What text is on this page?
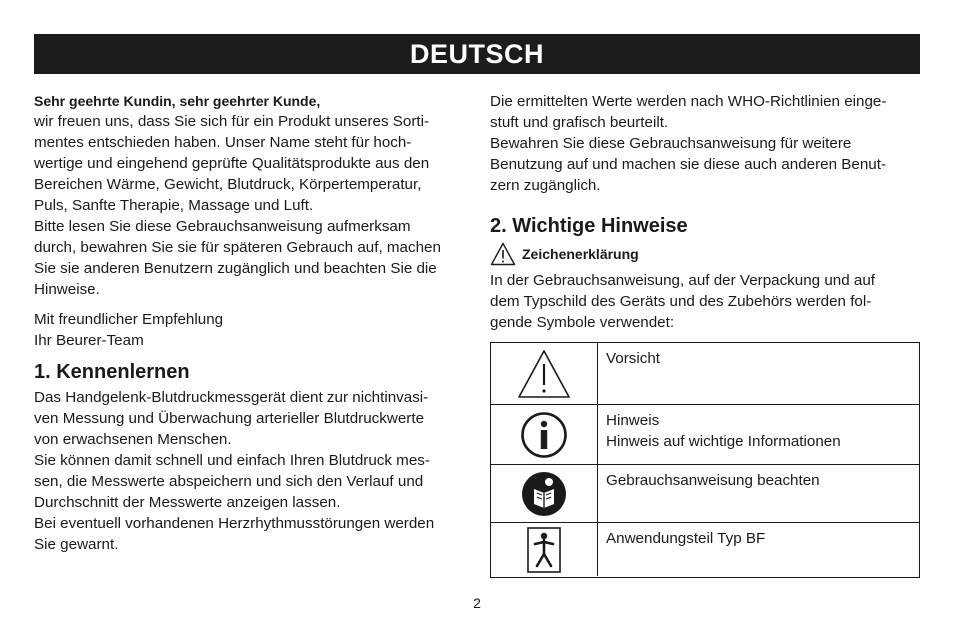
DEUTSCH

Sehr geehrte Kundin, sehr geehrter Kunde,

wir freuen uns, dass Sie sich für ein Produkt unseres Sorti-

mentes entschieden haben. Unser Name steht für hoch-

wertige und eingehend geprüfte Qualitätsprodukte aus den

Bereichen Wärme, Gewicht, Blutdruck, Körpertemperatur,

Puls, Sanfte Therapie, Massage und Luft.

Bitte lesen Sie diese Gebrauchsanweisung aufmerksam

durch, bewahren Sie sie für späteren Gebrauch auf, machen

Sie sie anderen Benutzern zugänglich und beachten Sie die

Hinweise.

Mit freundlicher Empfehlung

Ihr Beurer-Team

1. Kennenlernen

Das Handgelenk-Blutdruckmessgerät dient zur nichtinvasi-

ven Messung und Überwachung arterieller Blutdruckwerte

von erwachsenen Menschen.

Sie können damit schnell und einfach Ihren Blutdruck mes-

sen, die Messwerte abspeichern und sich den Verlauf und

Durchschnitt der Messwerte anzeigen lassen.

Bei eventuell vorhandenen Herzrhythmusstörungen werden

Sie gewarnt.

Die ermittelten Werte werden nach WHO-Richtlinien einge-

stuft und grafisch beurteilt.

Bewahren Sie diese Gebrauchsanweisung für weitere

Benutzung auf und machen sie diese auch anderen Benut-

zern zugänglich.

2. Wichtige Hinweise
Zeichenerklärung

In der Gebrauchsanweisung, auf der Verpackung und auf

dem Typschild des Geräts und des Zubehörs werden fol-

gende Symbole verwendet:

Vorsicht

Hinweis

Hinweis auf wichtige Informationen

Gebrauchsanweisung beachten

Anwendungsteil Typ BF

2
